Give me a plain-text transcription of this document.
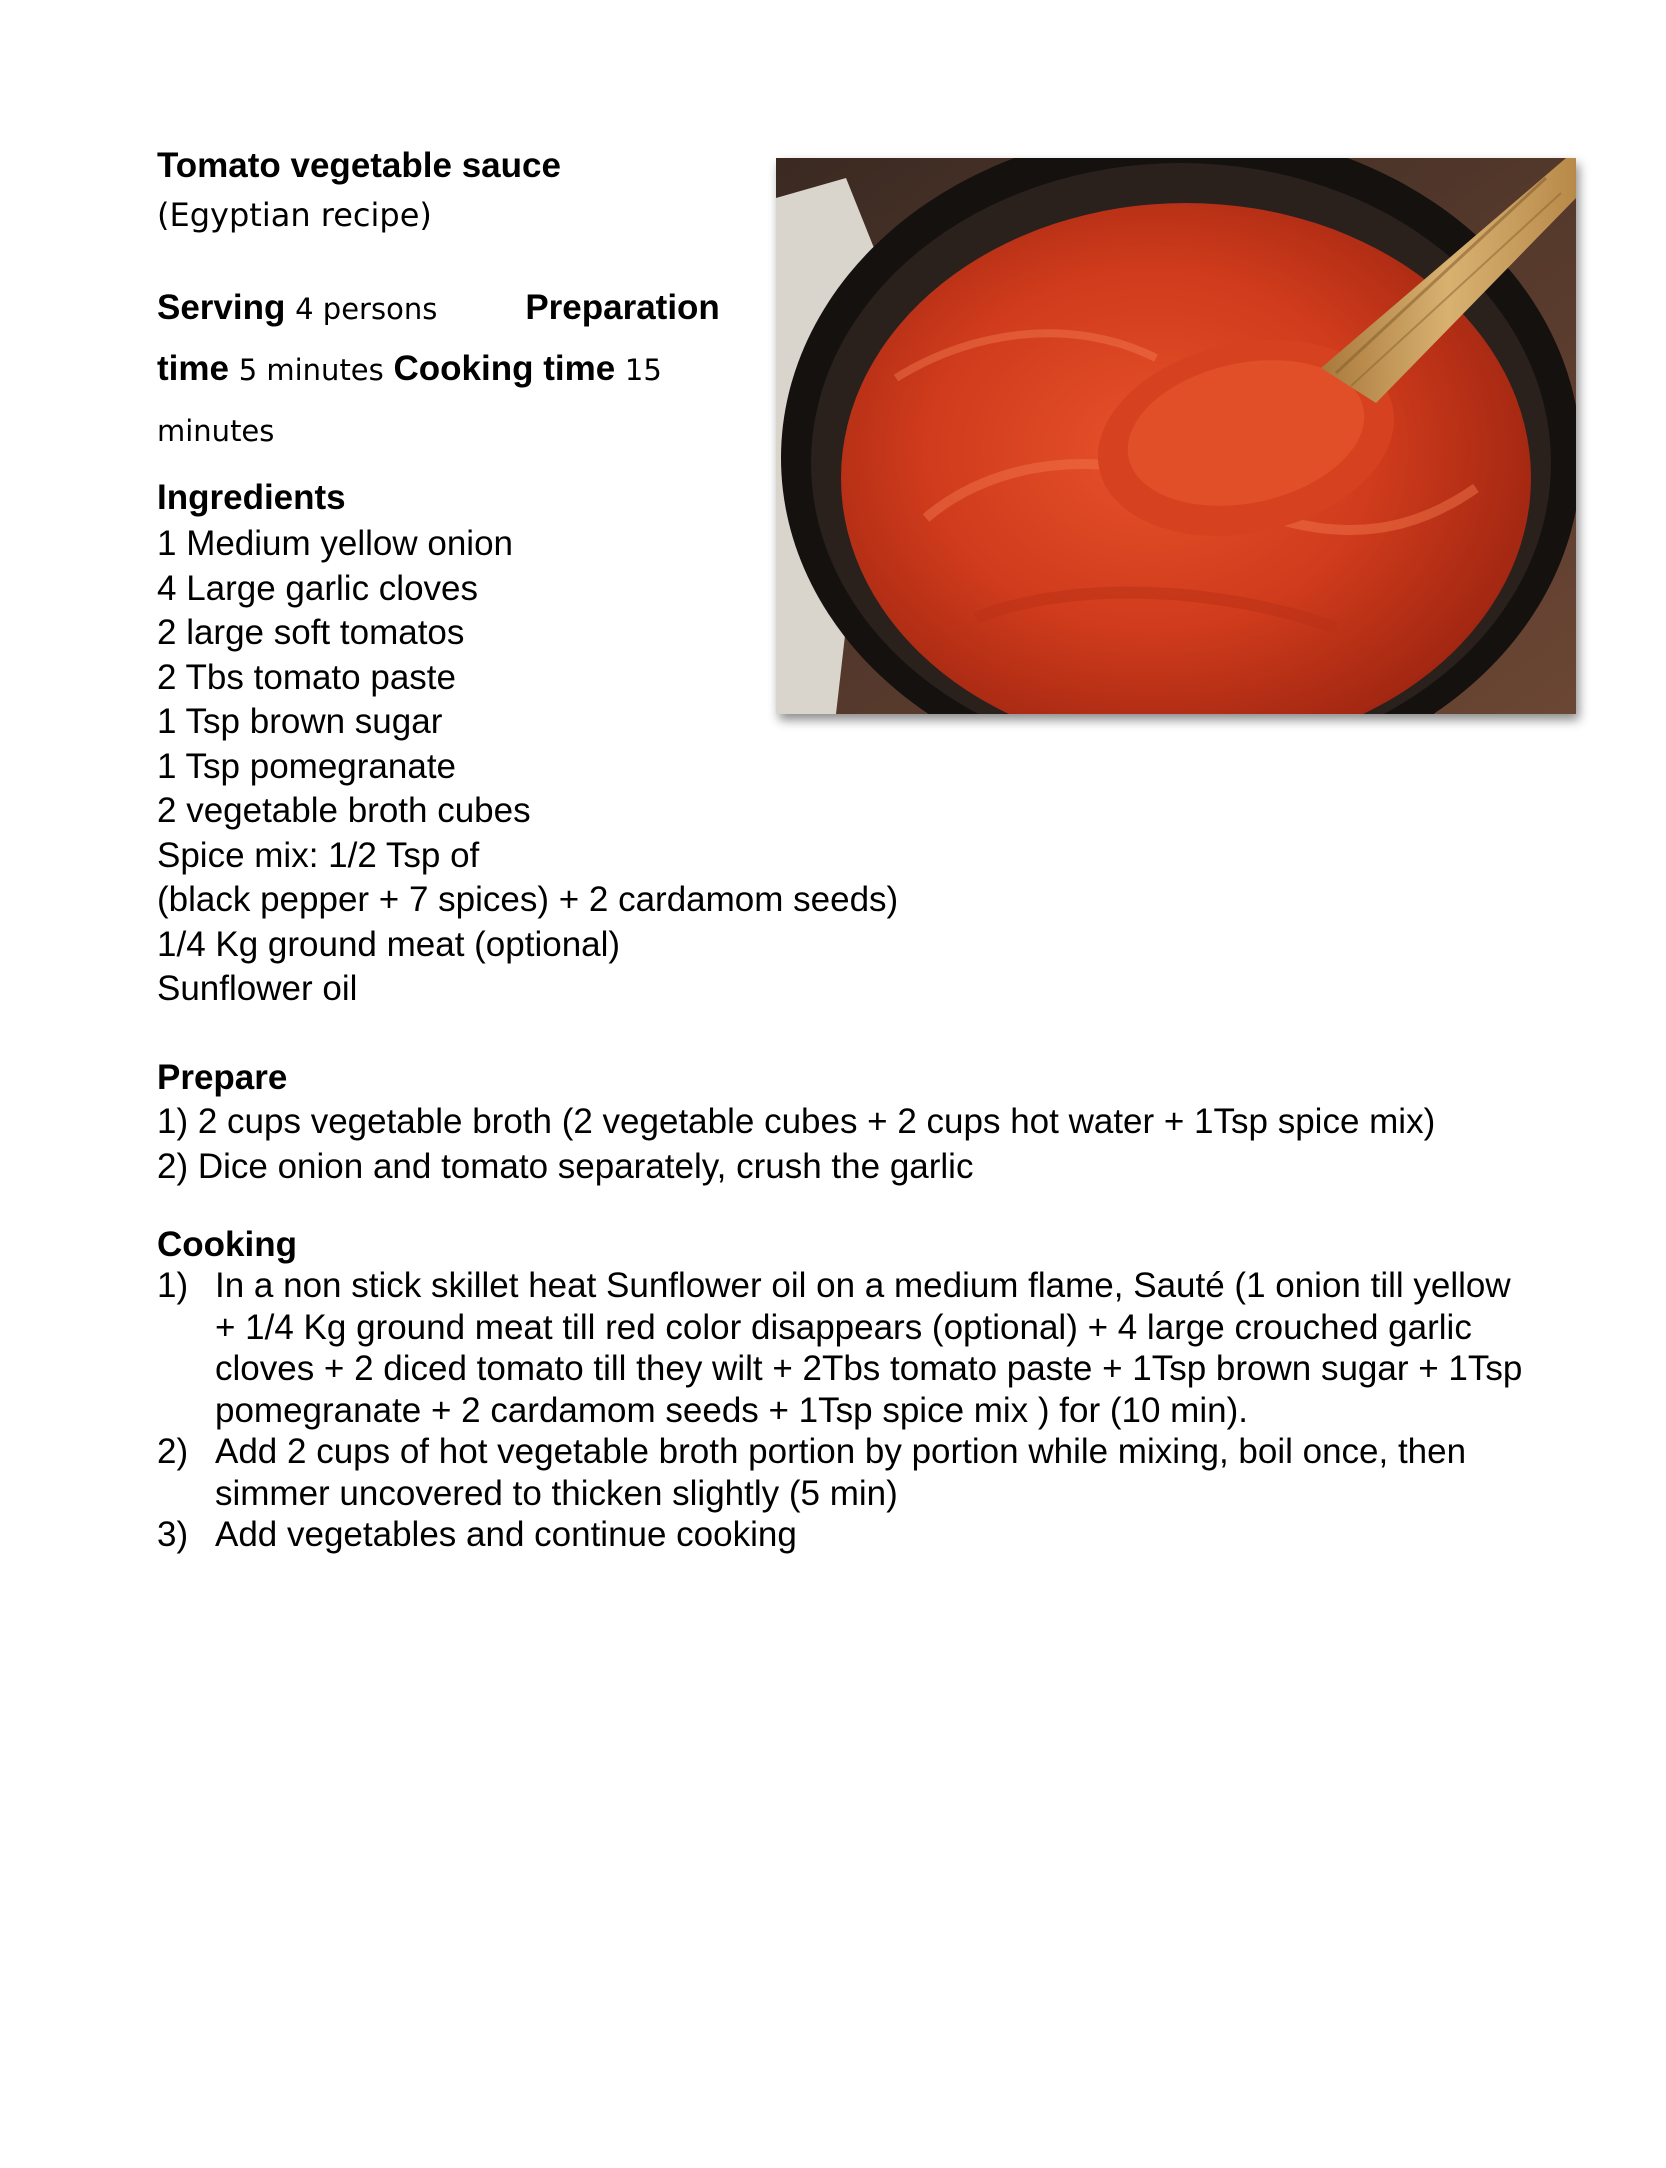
Tomato vegetable sauce
(Egyptian recipe)
Serving 4 persons	Preparation
time 5 minutes Cooking time 15
minutes
Ingredients
1 Medium yellow onion
4 Large garlic cloves
2 large soft tomatos
2 Tbs tomato paste
1 Tsp brown sugar
1 Tsp pomegranate
2 vegetable broth cubes
Spice mix: 1/2 Tsp of
(black pepper + 7 spices) + 2 cardamom seeds)
1/4 Kg ground meat (optional)
Sunflower oil
Prepare
1) 2 cups vegetable broth (2 vegetable cubes + 2 cups hot water + 1Tsp spice mix)
2) Dice onion and tomato separately, crush the garlic
Cooking
1) In a non stick skillet heat Sunflower oil on a medium flame, Sauté (1 onion till yellow + 1/4 Kg ground meat till red color disappears (optional) + 4 large crouched garlic cloves + 2 diced tomato till they wilt + 2Tbs tomato paste + 1Tsp brown sugar + 1Tsp pomegranate + 2 cardamom seeds + 1Tsp spice mix ) for (10 min).
2) Add 2 cups of hot vegetable broth portion by portion while mixing, boil once, then simmer uncovered to thicken slightly (5 min)
3) Add vegetables and continue cooking
